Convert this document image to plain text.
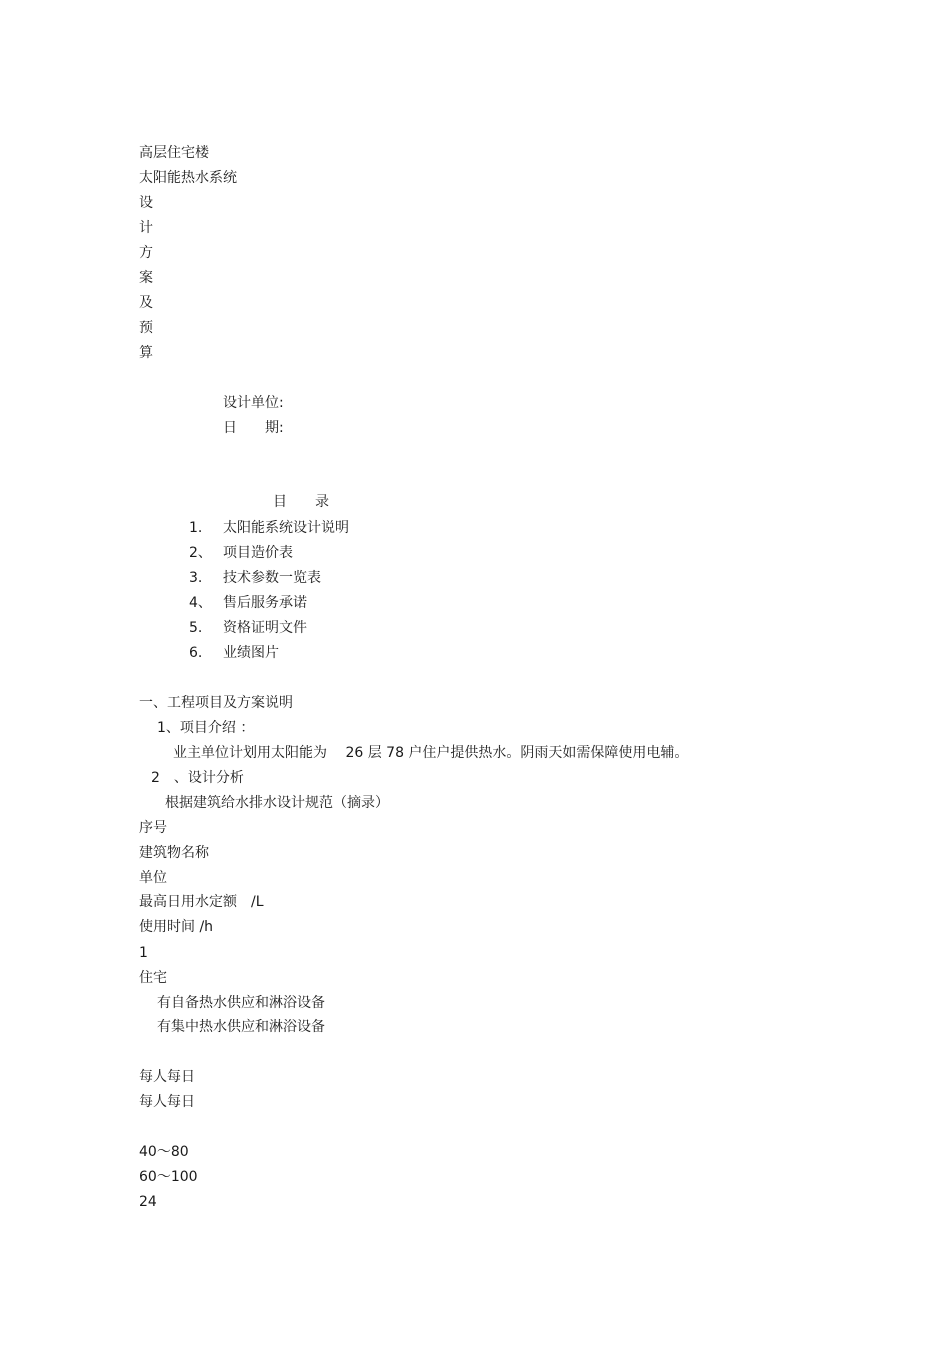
高层住宅楼
太阳能热水系统
设
计
方
案
及
预
算
设计单位:
日　　期:
目　　录
1. 太阳能系统设计说明
2、 项目造价表
3. 技术参数一览表
4、 售后服务承诺
5. 资格证明文件
6. 业绩图片
一、工程项目及方案说明
1、项目介绍 ：
业主单位计划用太阳能为　 26 层 78 户住户提供热水。阴雨天如需保障使用电辅。
2　、设计分析
根据建筑给水排水设计规范（摘录）
序号
建筑物名称
单位
最高日用水定额　/L
使用时间 /h
1
住宅
有自备热水供应和淋浴设备
有集中热水供应和淋浴设备
每人每日
每人每日
40～80
60～100
24
